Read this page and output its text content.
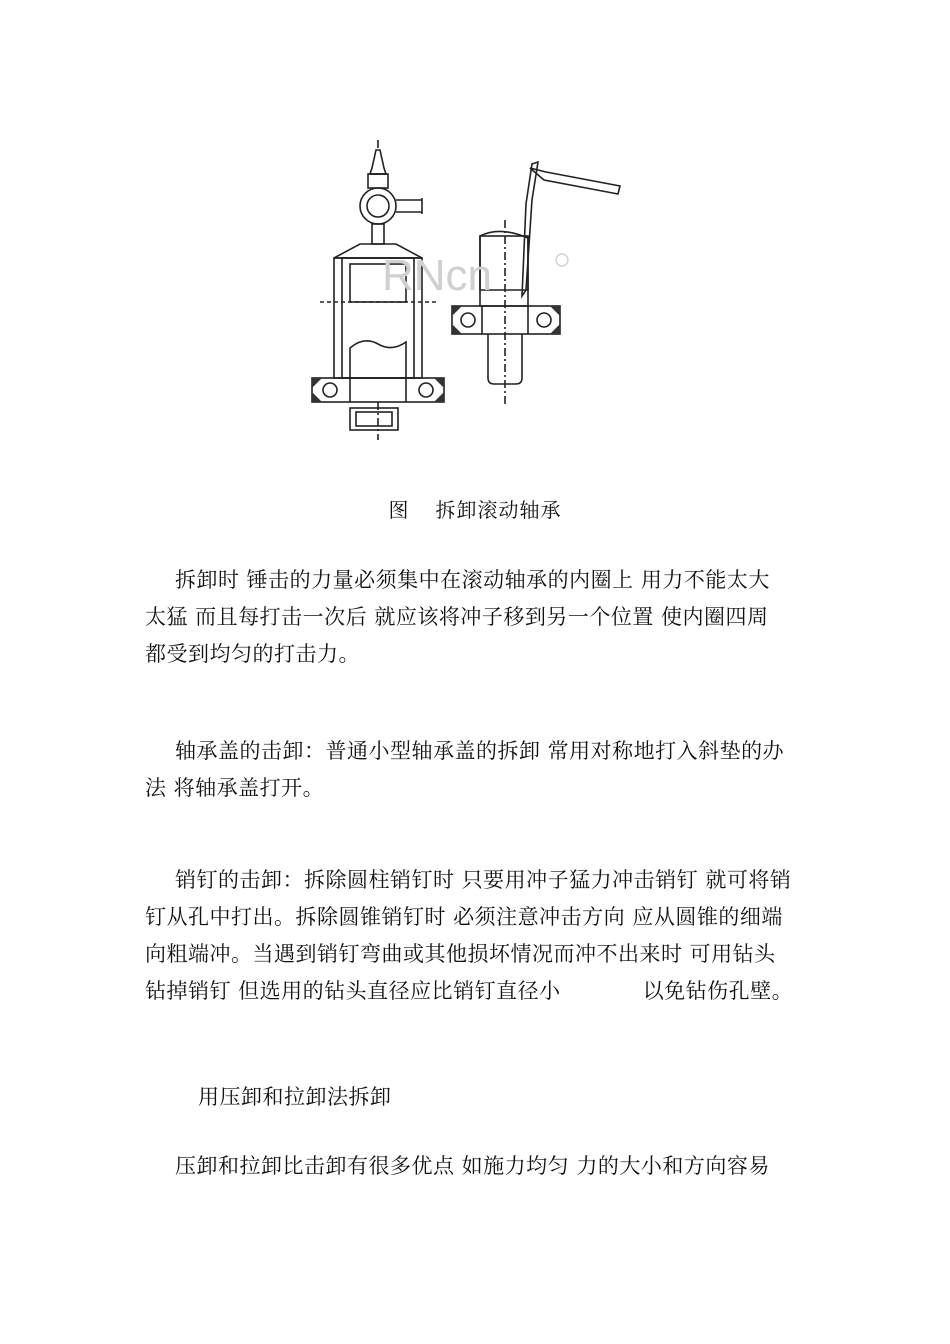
RNcn
图 拆卸滚动轴承
拆卸时 锤击的力量必须集中在滚动轴承的内圈上 用力不能太大
太猛 而且每打击一次后 就应该将冲子移到另一个位置 使内圈四周
都受到均匀的打击力。
轴承盖的击卸：普通小型轴承盖的拆卸 常用对称地打入斜垫的办
法 将轴承盖打开。
销钉的击卸：拆除圆柱销钉时 只要用冲子猛力冲击销钉 就可将销
钉从孔中打出。拆除圆锥销钉时 必须注意冲击方向 应从圆锥的细端
向粗端冲。当遇到销钉弯曲或其他损坏情况而冲不出来时 可用钻头
钻掉销钉 但选用的钻头直径应比销钉直径小	以免钻伤孔壁。
用压卸和拉卸法拆卸
压卸和拉卸比击卸有很多优点 如施力均匀 力的大小和方向容易
